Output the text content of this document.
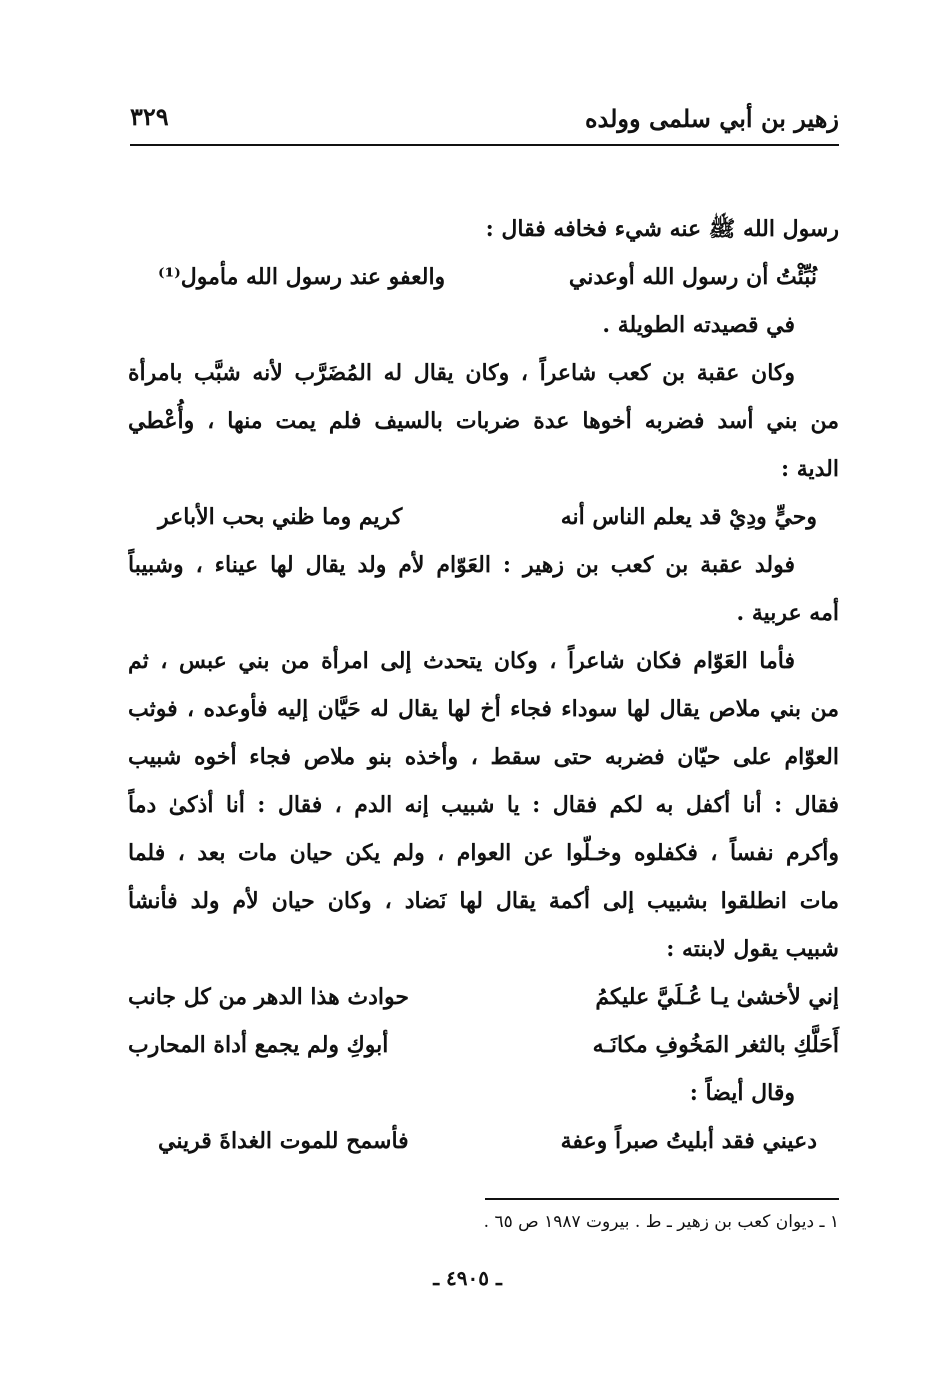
زهير بن أبي سلمى وولده
٣٢٩
رسول الله ﷺ عنه شيء فخافه فقال :
نُبِّئْتُ أن رسول الله أوعدني
والعفو عند رسول الله مأمول⁽¹⁾
في قصيدته الطويلة .
وكان عقبة بن كعب شاعراً ، وكان يقال له المُضَرَّب لأنه شبَّب بامرأة
من بني أسد فضربه أخوها عدة ضربات بالسيف فلم يمت منها ، وأُعْطي
الدية :
وحيٍّ ودِيْ قد يعلم الناس أنه
كريم وما ظني بحب الأباعر
فولد عقبة بن كعب بن زهير : العَوّام لأم ولد يقال لها عيناء ، وشبيباً
أمه عربية .
فأما العَوّام فكان شاعراً ، وكان يتحدث إلى امرأة من بني عبس ، ثم
من بني ملاص يقال لها سوداء فجاء أخ لها يقال له حَيَّان إليه فأوعده ، فوثب
العوّام على حيّان فضربه حتى سقط ، وأخذه بنو ملاص فجاء أخوه شبيب
فقال : أنا أكفل به لكم فقال : يا شبيب إنه الدم ، فقال : أنا أذكىٰ دماً
وأكرم نفساً ، فكفلوه وخـلّوا عن العوام ، ولم يكن حيان مات بعد ، فلما
مات انطلقوا بشبيب إلى أكمة يقال لها نَضاد ، وكان حيان لأم ولد فأنشأ
شبيب يقول لابنته :
إني لأخشىٰ يـا عُـلَيَّ عليكمُ
حوادث هذا الدهر من كل جانب
أَحَلَّكِ بالثغر المَخُوفِ مكانَـه
أبوكِ ولم يجمع أداة المحارب
وقال أيضاً :
دعيني فقد أبليتُ صبراً وعفة
فأسمح للموت الغداةَ قريني
١ ـ ديوان كعب بن زهير ـ ط . بيروت ١٩٨٧ ص ٦٥ .
ـ ٤٩٠٥ ـ
